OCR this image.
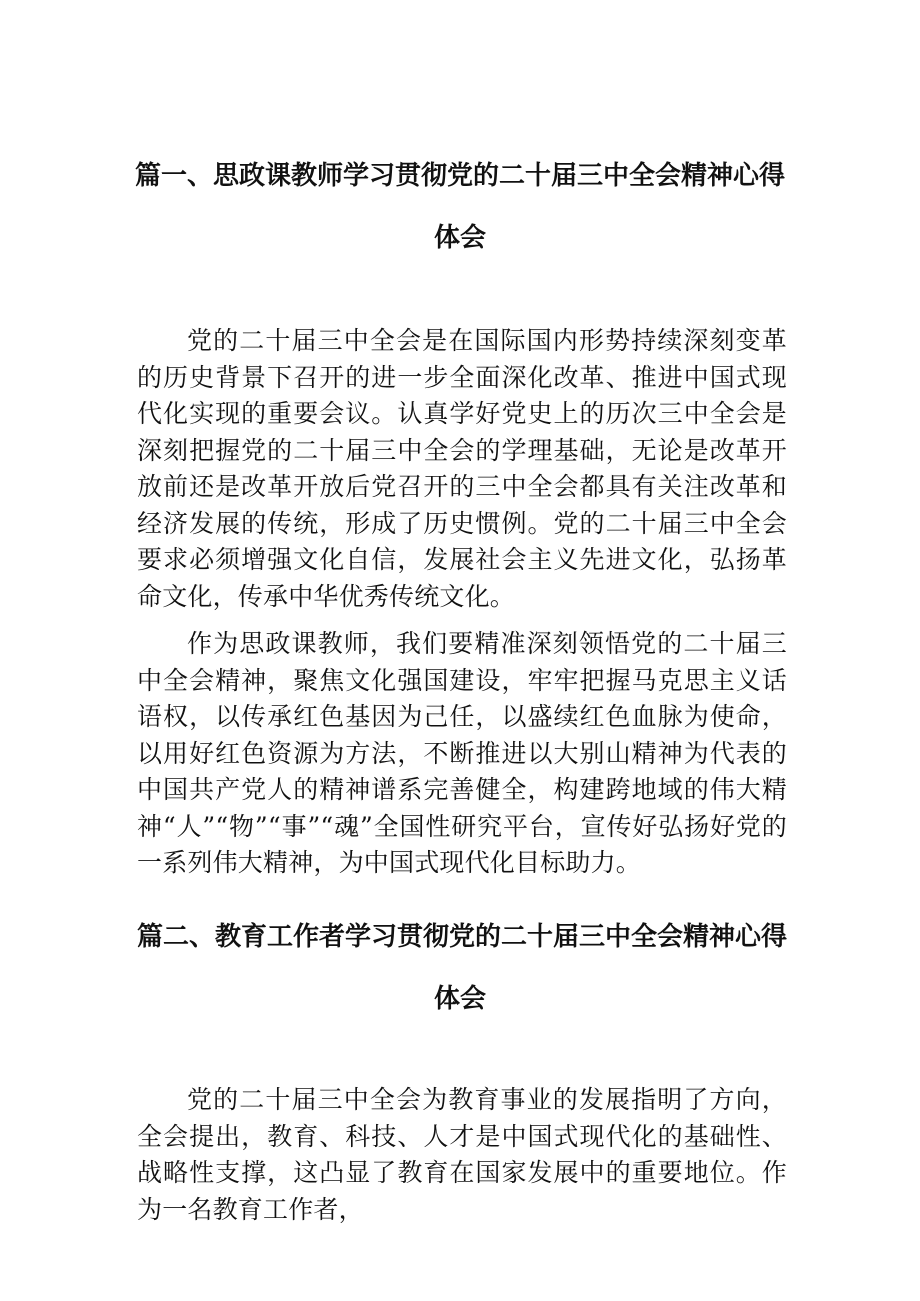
篇一、思政课教师学习贯彻党的二十届三中全会精神心得
体会

党的二十届三中全会是在国际国内形势持续深刻变革的历史背景下召开的进一步全面深化改革、推进中国式现代化实现的重要会议。认真学好党史上的历次三中全会是深刻把握党的二十届三中全会的学理基础，无论是改革开放前还是改革开放后党召开的三中全会都具有关注改革和经济发展的传统，形成了历史惯例。党的二十届三中全会要求必须增强文化自信，发展社会主义先进文化，弘扬革命文化，传承中华优秀传统文化。

作为思政课教师，我们要精准深刻领悟党的二十届三中全会精神，聚焦文化强国建设，牢牢把握马克思主义话语权，以传承红色基因为己任，以盛续红色血脉为使命，以用好红色资源为方法，不断推进以大别山精神为代表的中国共产党人的精神谱系完善健全，构建跨地域的伟大精神“人”“物”“事”“魂”全国性研究平台，宣传好弘扬好党的一系列伟大精神，为中国式现代化目标助力。

篇二、教育工作者学习贯彻党的二十届三中全会精神心得
体会

党的二十届三中全会为教育事业的发展指明了方向，全会提出，教育、科技、人才是中国式现代化的基础性、战略性支撑，这凸显了教育在国家发展中的重要地位。作为一名教育工作者，
